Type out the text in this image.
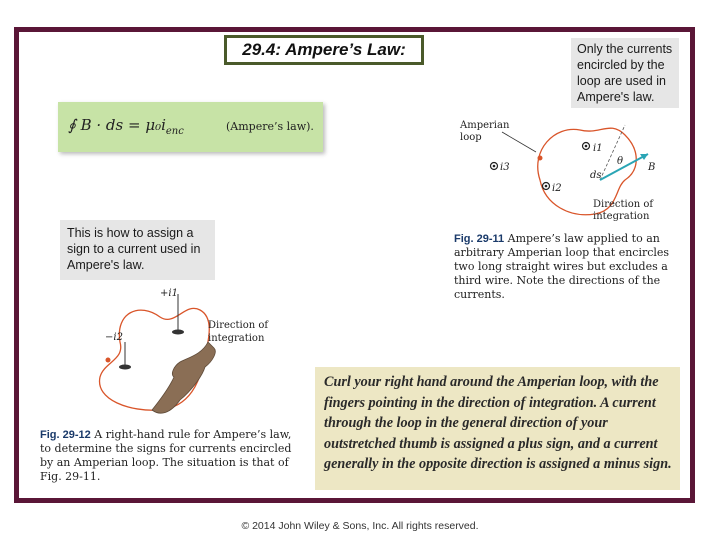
29.4: Ampere’s Law:	Only the currents encircled by the loop are used in Ampere's law.
∮ B · ds = $\mu_0i_{enc}$	(Ampere’s law).
This is how to assign a sign to a current used in Ampere's law.
Amperian
loop
i3
i1
i2
θ
ds
B
Direction of
integration
Fig. 29-11 Ampere’s law applied to an arbitrary Amperian loop that encircles two long straight wires but excludes a third wire. Note the directions of the currents.
+i1
−i2
Direction of
integration
Fig. 29-12 A right-hand rule for Ampere’s law, to determine the signs for currents encircled by an Amperian loop. The situation is that of Fig. 29-11.
Curl your right hand around the Amperian loop, with the fingers pointing in the direction of integration. A current through the loop in the general direction of your outstretched thumb is assigned a plus sign, and a current generally in the opposite direction is assigned a minus sign.
© 2014 John Wiley & Sons, Inc. All rights reserved.
